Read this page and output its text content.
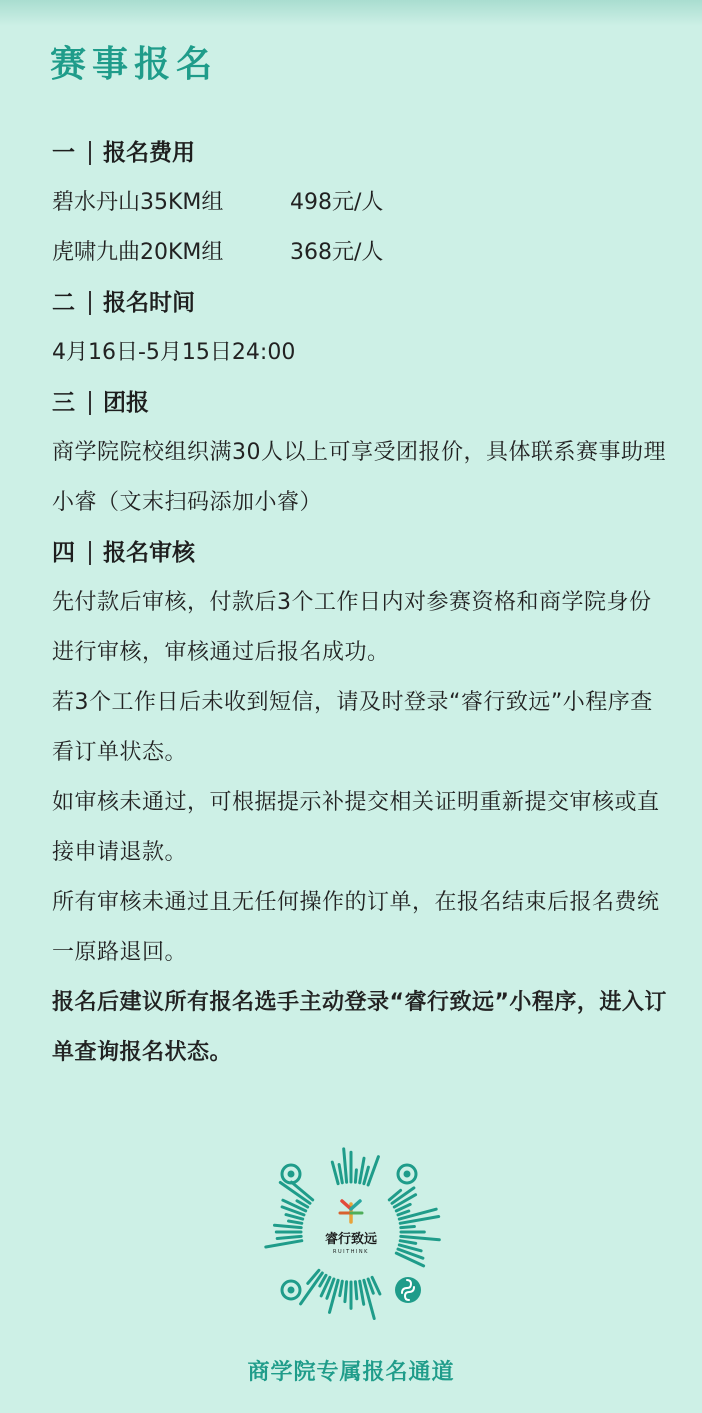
赛事报名
一 报名费用
碧水丹山35KM组	498元/人
虎啸九曲20KM组	368元/人
二 报名时间
4月16日-5月15日24:00
三 团报
商学院院校组织满30人以上可享受团报价，具体联系赛事助理小睿（文末扫码添加小睿）
四 报名审核
先付款后审核，付款后3个工作日内对参赛资格和商学院身份进行审核，审核通过后报名成功。
若3个工作日后未收到短信，请及时登录“睿行致远”小程序查看订单状态。
如审核未通过，可根据提示补提交相关证明重新提交审核或直接申请退款。
所有审核未通过且无任何操作的订单，在报名结束后报名费统一原路退回。
报名后建议所有报名选手主动登录“睿行致远”小程序，进入订单查询报名状态。
睿行致远
RUITHINK
商学院专属报名通道
